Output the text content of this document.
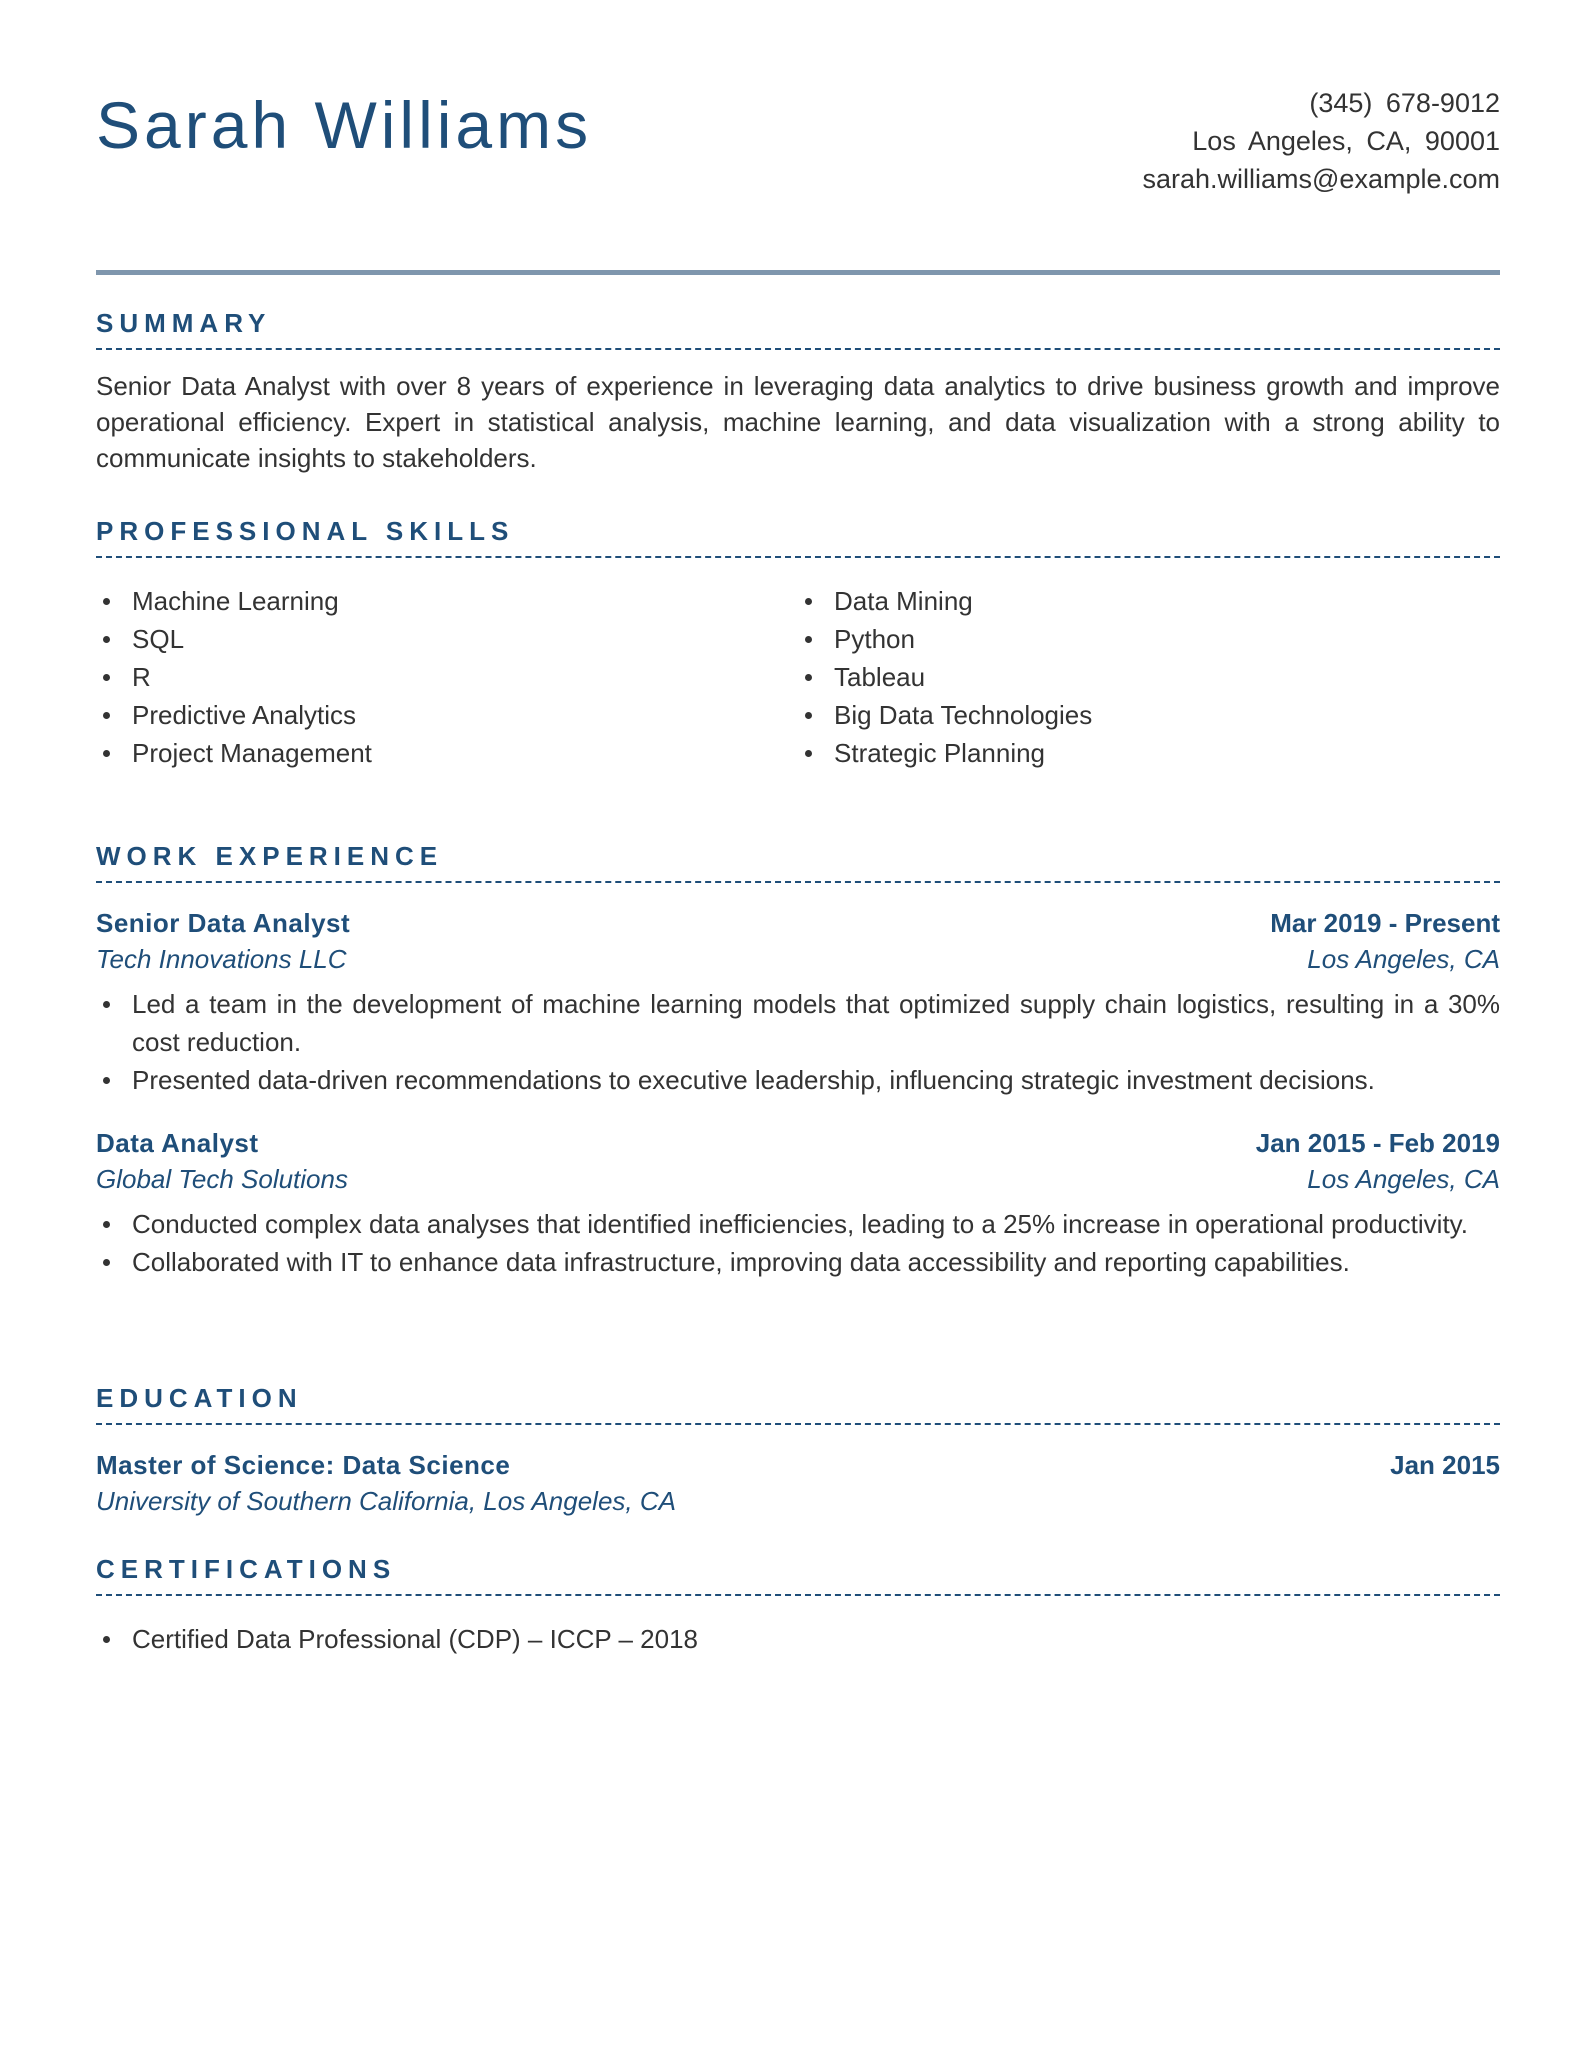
Sarah Williams	(345) 678-9012
Los Angeles, CA, 90001
sarah.williams@example.com
SUMMARY

Senior Data Analyst with over 8 years of experience in leveraging data analytics to drive business growth and improve operational efficiency. Expert in statistical analysis, machine learning, and data visualization with a strong ability to communicate insights to stakeholders.

PROFESSIONAL SKILLS
Machine Learning
SQL
R
Predictive Analytics
Project Management
Data Mining
Python
Tableau
Big Data Technologies
Strategic Planning
WORK EXPERIENCE
Senior Data Analyst	Mar 2019 - Present
Tech Innovations LLC	Los Angeles, CA
Led a team in the development of machine learning models that optimized supply chain logistics, resulting in a 30% cost reduction.
Presented data-driven recommendations to executive leadership, influencing strategic investment decisions.
Data Analyst	Jan 2015 - Feb 2019
Global Tech Solutions	Los Angeles, CA
Conducted complex data analyses that identified inefficiencies, leading to a 25% increase in operational productivity.
Collaborated with IT to enhance data infrastructure, improving data accessibility and reporting capabilities.
EDUCATION
Master of Science: Data Science	Jan 2015
University of Southern California, Los Angeles, CA
CERTIFICATIONS
Certified Data Professional (CDP) – ICCP – 2018
